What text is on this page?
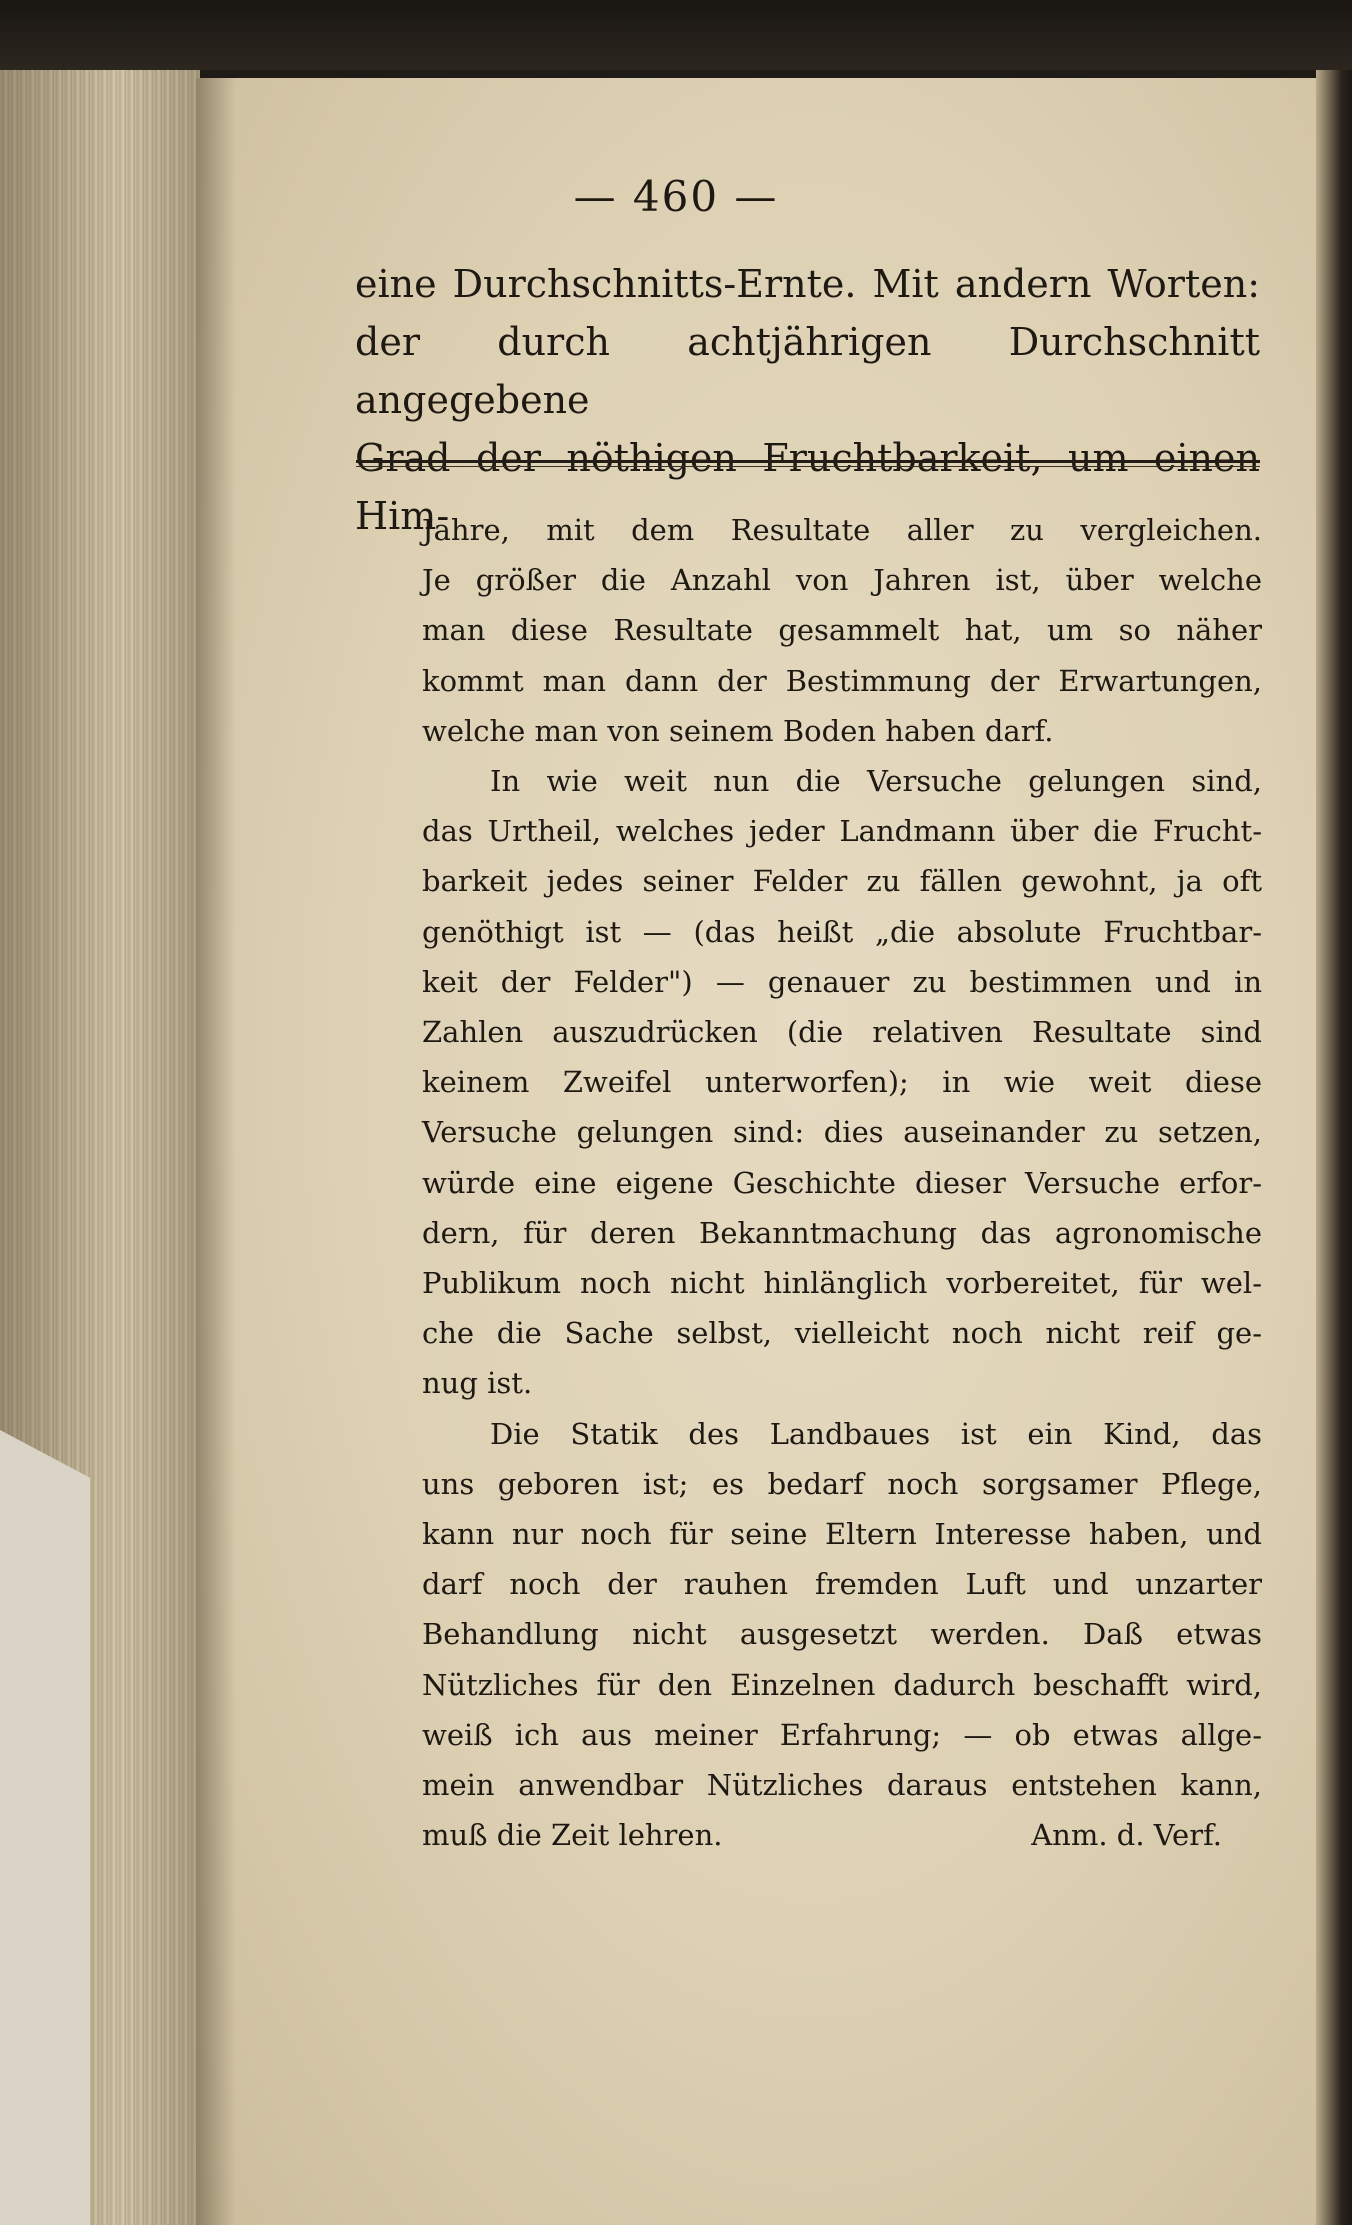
— 460 —
eine Durchschnitts-Ernte. Mit andern Worten:
der durch achtjährigen Durchschnitt angegebene
Grad der nöthigen Fruchtbarkeit, um einen Him-
Jahre, mit dem Resultate aller zu vergleichen.
Je größer die Anzahl von Jahren ist, über welche
man diese Resultate gesammelt hat, um so näher
kommt man dann der Bestimmung der Erwartungen,
welche man von seinem Boden haben darf.
In wie weit nun die Versuche gelungen sind,
das Urtheil, welches jeder Landmann über die Frucht-
barkeit jedes seiner Felder zu fällen gewohnt, ja oft
genöthigt ist — (das heißt „die absolute Fruchtbar-
keit der Felder") — genauer zu bestimmen und in
Zahlen auszudrücken (die relativen Resultate sind
keinem Zweifel unterworfen); in wie weit diese
Versuche gelungen sind: dies auseinander zu setzen,
würde eine eigene Geschichte dieser Versuche erfor-
dern, für deren Bekanntmachung das agronomische
Publikum noch nicht hinlänglich vorbereitet, für wel-
che die Sache selbst, vielleicht noch nicht reif ge-
nug ist.
Die Statik des Landbaues ist ein Kind, das
uns geboren ist; es bedarf noch sorgsamer Pflege,
kann nur noch für seine Eltern Interesse haben, und
darf noch der rauhen fremden Luft und unzarter
Behandlung nicht ausgesetzt werden. Daß etwas
Nützliches für den Einzelnen dadurch beschafft wird,
weiß ich aus meiner Erfahrung; — ob etwas allge-
mein anwendbar Nützliches daraus entstehen kann,
muß die Zeit lehren.	Anm. d. Verf.
